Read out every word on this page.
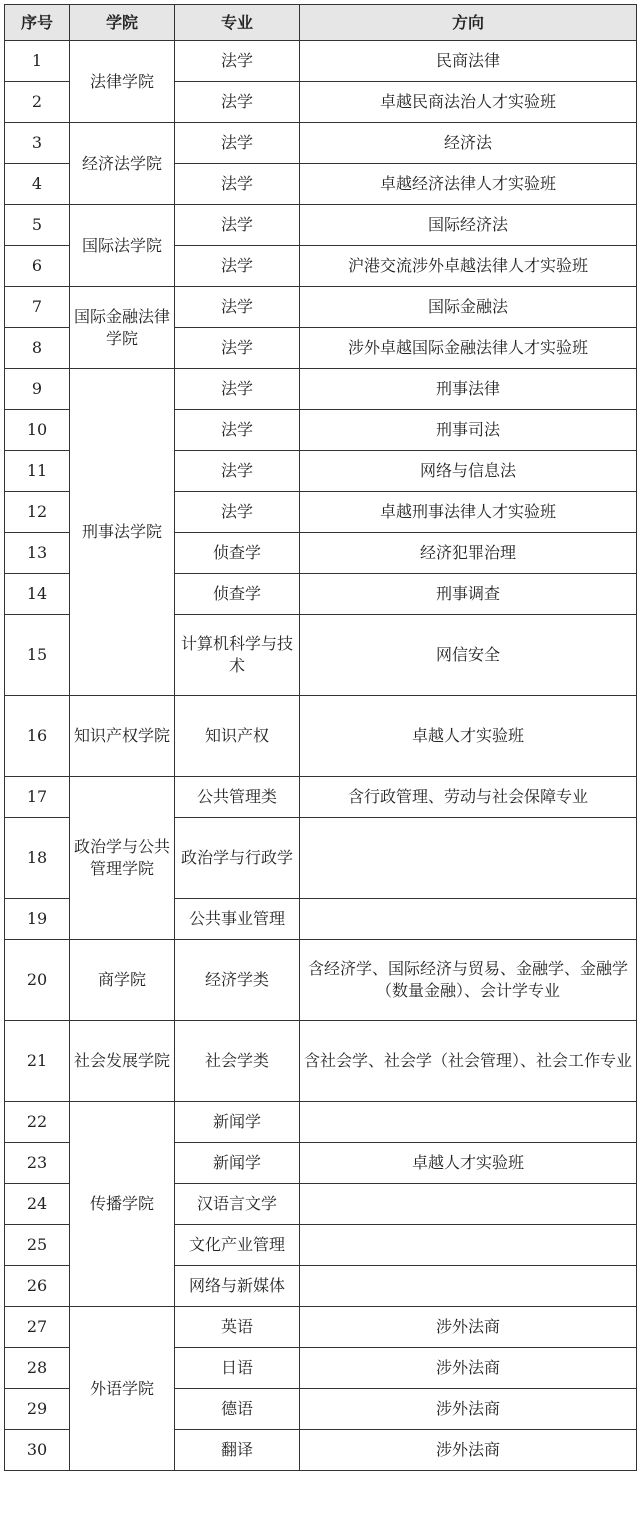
序号	学院	专业	方向
1	法律学院	法学	民商法律
2		法学	卓越民商法治人才实验班
3	经济法学院	法学	经济法
4		法学	卓越经济法律人才实验班
5	国际法学院	法学	国际经济法
6		法学	沪港交流涉外卓越法律人才实验班
7	国际金融法律学院	法学	国际金融法
8		法学	涉外卓越国际金融法律人才实验班
9	刑事法学院	法学	刑事法律
10		法学	刑事司法
11		法学	网络与信息法
12		法学	卓越刑事法律人才实验班
13		侦查学	经济犯罪治理
14		侦查学	刑事调查
15		计算机科学与技术	网信安全
16	知识产权学院	知识产权	卓越人才实验班
17	政治学与公共管理学院	公共管理类	含行政管理、劳动与社会保障专业
18		政治学与行政学	
19		公共事业管理	
20	商学院	经济学类	含经济学、国际经济与贸易、金融学、金融学（数量金融）、会计学专业
21	社会发展学院	社会学类	含社会学、社会学（社会管理）、社会工作专业
22	传播学院	新闻学	
23		新闻学	卓越人才实验班
24		汉语言文学	
25		文化产业管理	
26		网络与新媒体	
27	外语学院	英语	涉外法商
28		日语	涉外法商
29		德语	涉外法商
30		翻译	涉外法商
